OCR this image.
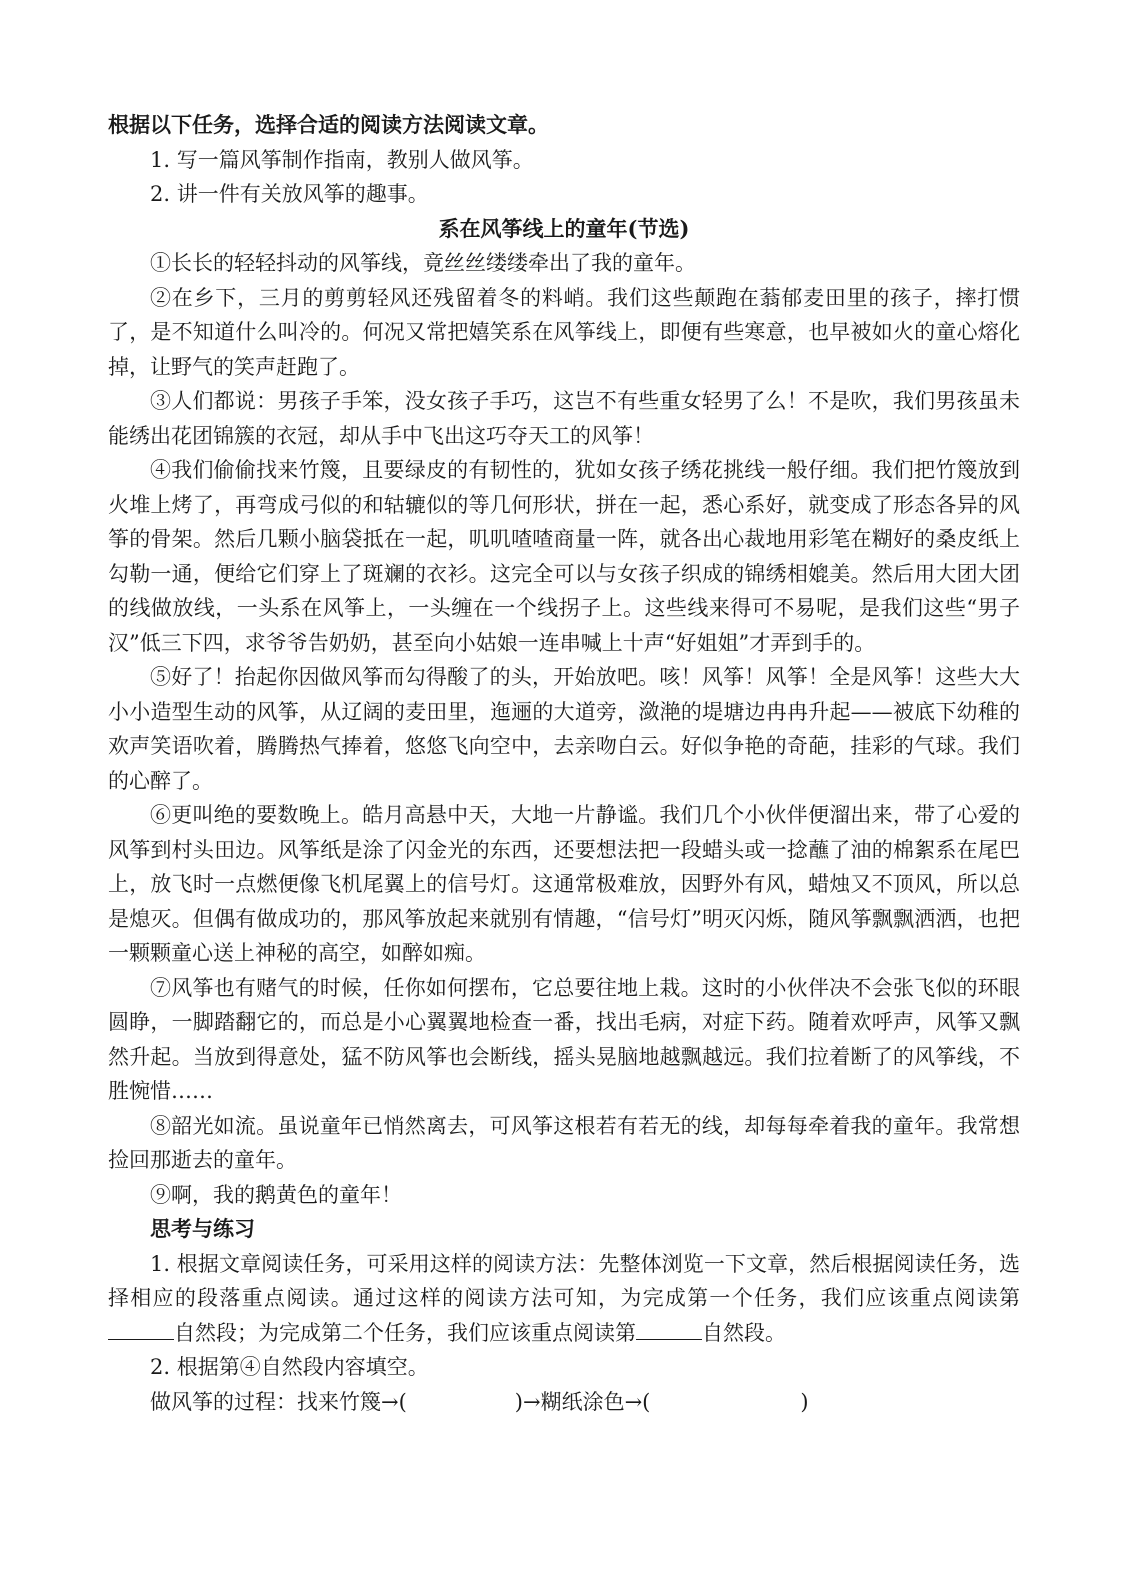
根据以下任务，选择合适的阅读方法阅读文章。
1. 写一篇风筝制作指南，教别人做风筝。
2. 讲一件有关放风筝的趣事。
系在风筝线上的童年(节选)

①长长的轻轻抖动的风筝线，竟丝丝缕缕牵出了我的童年。

②在乡下，三月的剪剪轻风还残留着冬的料峭。我们这些颠跑在蓊郁麦田里的孩子，摔打惯了，是不知道什么叫冷的。何况又常把嬉笑系在风筝线上，即便有些寒意，也早被如火的童心熔化掉，让野气的笑声赶跑了。

③人们都说：男孩子手笨，没女孩子手巧，这岂不有些重女轻男了么！不是吹，我们男孩虽未能绣出花团锦簇的衣冠，却从手中飞出这巧夺天工的风筝！

④我们偷偷找来竹篾，且要绿皮的有韧性的，犹如女孩子绣花挑线一般仔细。我们把竹篾放到火堆上烤了，再弯成弓似的和轱辘似的等几何形状，拼在一起，悉心系好，就变成了形态各异的风筝的骨架。然后几颗小脑袋抵在一起，叽叽喳喳商量一阵，就各出心裁地用彩笔在糊好的桑皮纸上勾勒一通，便给它们穿上了斑斓的衣衫。这完全可以与女孩子织成的锦绣相媲美。然后用大团大团的线做放线，一头系在风筝上，一头缠在一个线拐子上。这些线来得可不易呢，是我们这些“男子汉”低三下四，求爷爷告奶奶，甚至向小姑娘一连串喊上十声“好姐姐”才弄到手的。

⑤好了！抬起你因做风筝而勾得酸了的头，开始放吧。咳！风筝！风筝！全是风筝！这些大大小小造型生动的风筝，从辽阔的麦田里，迤逦的大道旁，潋滟的堤塘边冉冉升起——被底下幼稚的欢声笑语吹着，腾腾热气捧着，悠悠飞向空中，去亲吻白云。好似争艳的奇葩，挂彩的气球。我们的心醉了。

⑥更叫绝的要数晚上。皓月高悬中天，大地一片静谧。我们几个小伙伴便溜出来，带了心爱的风筝到村头田边。风筝纸是涂了闪金光的东西，还要想法把一段蜡头或一捻蘸了油的棉絮系在尾巴上，放飞时一点燃便像飞机尾翼上的信号灯。这通常极难放，因野外有风，蜡烛又不顶风，所以总是熄灭。但偶有做成功的，那风筝放起来就别有情趣，“信号灯”明灭闪烁，随风筝飘飘洒洒，也把一颗颗童心送上神秘的高空，如醉如痴。

⑦风筝也有赌气的时候，任你如何摆布，它总要往地上栽。这时的小伙伴决不会张飞似的环眼圆睁，一脚踏翻它的，而总是小心翼翼地检查一番，找出毛病，对症下药。随着欢呼声，风筝又飘然升起。当放到得意处，猛不防风筝也会断线，摇头晃脑地越飘越远。我们拉着断了的风筝线，不胜惋惜……

⑧韶光如流。虽说童年已悄然离去，可风筝这根若有若无的线，却每每牵着我的童年。我常想捡回那逝去的童年。

⑨啊，我的鹅黄色的童年！

思考与练习

1. 根据文章阅读任务，可采用这样的阅读方法：先整体浏览一下文章，然后根据阅读任务，选择相应的段落重点阅读。通过这样的阅读方法可知，为完成第一个任务，我们应该重点阅读第自然段；为完成第二个任务，我们应该重点阅读第	自然段。

2. 根据第④自然段内容填空。
做风筝的过程：找来竹篾→(	)→糊纸涂色→(	)
